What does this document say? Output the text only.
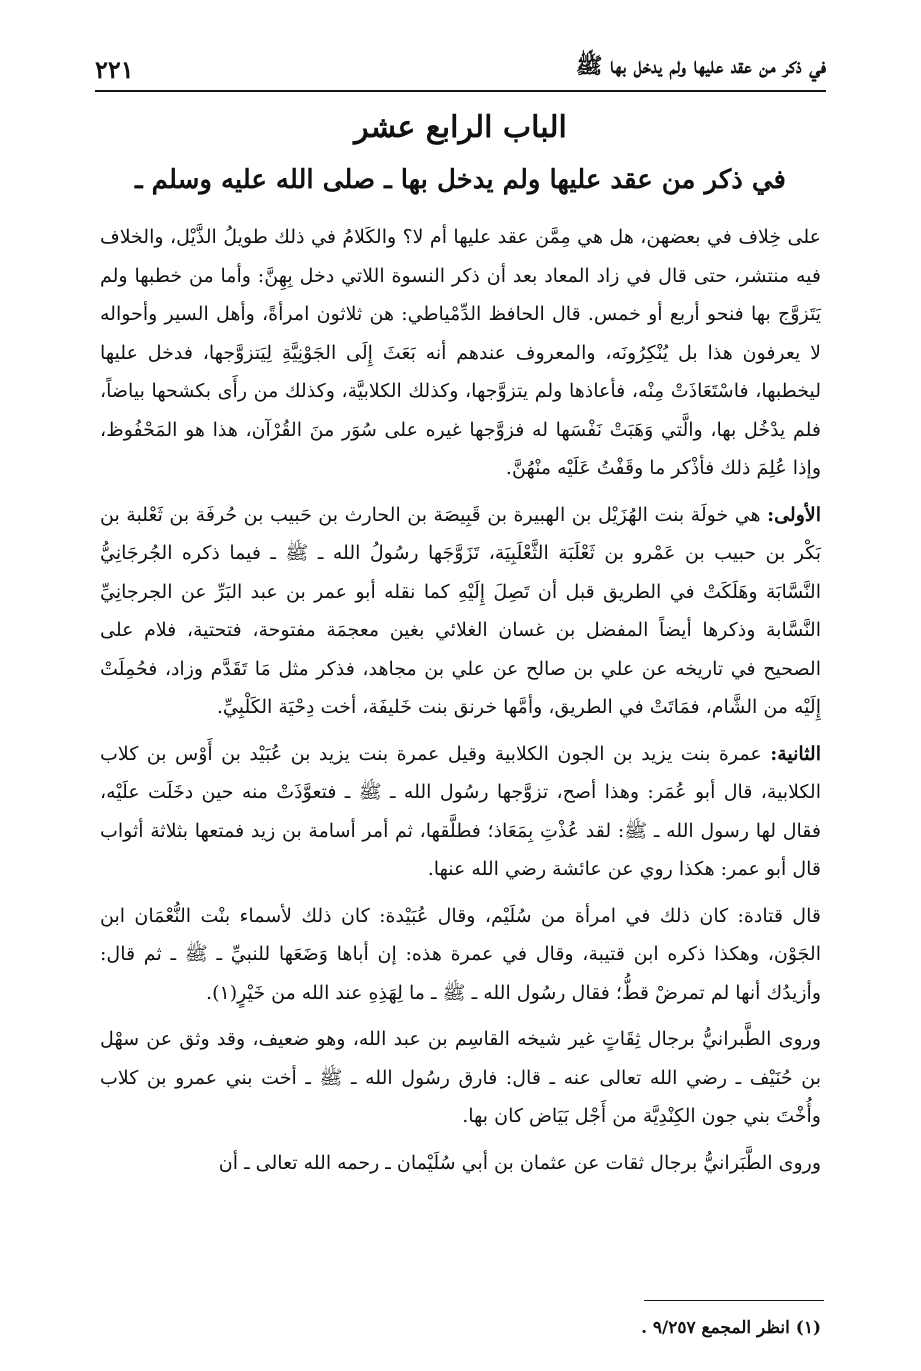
في ذكر من عقد عليها ولم يدخل بها ﷺ
٢٢١
الباب الرابع عشر
في ذكر من عقد عليها ولم يدخل بها ـ صلى الله عليه وسلم ـ

على خِلاف في بعضهن، هل هي مِمَّن عقد عليها أم لا؟ والكَلامُ في ذلك طويلُ الذَّيْل، والخلاف فيه منتشر، حتى قال في زاد المعاد بعد أن ذكر النسوة اللاتي دخل بِهِنَّ: وأما من خطبها ولم يَتَزوَّج بها فنحو أربع أو خمس. قال الحافظ الدِّمْياطي: هن ثلاثون امرأةً، وأهل السير وأحواله لا يعرفون هذا بل يُنْكِرُونَه، والمعروف عندهم أنه بَعَثَ إِلَى الجَوْنِيَّةِ لِيَتزوَّجها، فدخل عليها ليخطبها، فاسْتَعَاذَتْ مِنْه، فأعاذها ولم يتزوَّجها، وكذلك الكلابيَّة، وكذلك من رأَى بكشحها بياضاً، فلم يدْخُل بها، والَّتي وَهَبَتْ نَفْسَها له فزوَّجها غيره على سُوَر منَ القُرْآن، هذا هو المَحْفُوظ، وإذا عُلِمَ ذلك فأذْكر ما وقَفْتُ عَلَيْه منْهُنَّ.

الأولى: هي خولَة بنت الهُزَيْل بن الهبيرة بن قَبِيصَة بن الحارث بن حَبيب بن حُرفَة بن ثَعْلبة بن بَكْر بن حبيب بن عَمْرو بن ثَعْلَبَة الثَّعْلَبِيَة، تَزَوَّجَها رسُولُ الله ـ ﷺ ـ فيما ذكره الجُرجَانِيُّ النَّسَّابَة وهَلَكَتْ في الطريق قبل أن تَصِلَ إِلَيْهِ كما نقله أبو عمر بن عبد البَرِّ عن الجرجانِيِّ النَّسَّابة وذكرها أيضاً المفضل بن غسان الغلائي بغين معجمَة مفتوحة، فتحتية، فلام على الصحيح في تاريخه عن علي بن صالح عن علي بن مجاهد، فذكر مثل مَا تَقَدَّم وزاد، فحُمِلَتْ إِلَيْه من الشَّام، فمَاتَتْ في الطريق، وأمَّها خرنق بنت خَليفَة، أخت دِحْيَة الكَلْبِيِّ.

الثانية: عمرة بنت يزيد بن الجون الكلابية وقيل عمرة بنت يزيد بن عُبَيْد بن أَوْس بن كلاب الكلابية، قال أبو عُمَر: وهذا أصح، تزوَّجها رسُول الله ـ ﷺ ـ فتعوَّذَتْ منه حين دخَلَت علَيْه، فقال لها رسول الله ـ ﷺ: لقد عُذْتِ بِمَعَاذ؛ فطلَّقها، ثم أمر أسامة بن زيد فمتعها بثلاثة أثواب قال أبو عمر: هكذا روي عن عائشة رضي الله عنها.

قال قتادة: كان ذلك في امرأة من سُلَيْم، وقال عُبَيْدة: كان ذلك لأسماء بنْت النُّعْمَان ابن الجَوْن، وهكذا ذكره ابن قتيبة، وقال في عمرة هذه: إن أباها وَضَعَها للنبيِّ ـ ﷺ ـ ثم قال: وأزيدُك أنها لم تمرضْ قطُّ؛ فقال رسُول الله ـ ﷺ ـ ما لِهَذِهِ عند الله من خَيْرٍ(١).

وروى الطَّبرانيُّ برجال ثِقَاتٍ غير شيخه القاسِم بن عبد الله، وهو ضعيف، وقد وثق عن سهْل بن حُنَيْف ـ رضي الله تعالى عنه ـ قال: فارق رسُول الله ـ ﷺ ـ أخت بني عمرو بن كلاب وأُخْتَ بني جون الكِنْدِيَّة من أَجْل بَيَاض كان بها.

وروى الطَّبَرانيُّ برجال ثقات عن عثمان بن أبي سُلَيْمان ـ رحمه الله تعالى ـ أن

(١) انظر المجمع ٩/٢٥٧ .
